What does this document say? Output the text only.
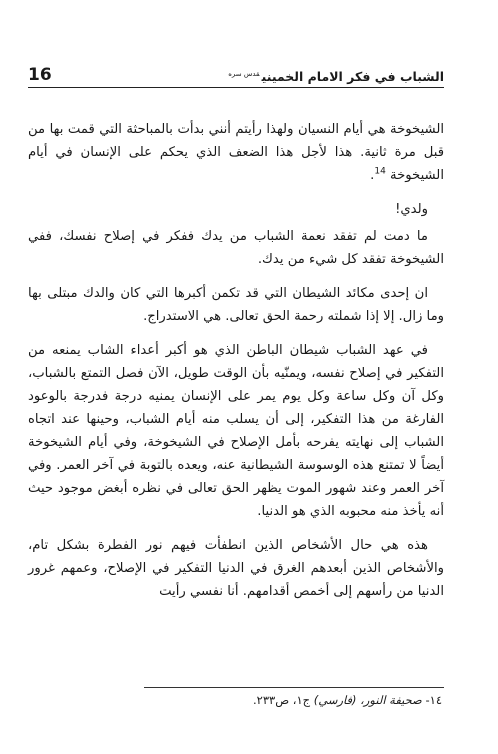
16	الشباب في فكر الامام الخميني$^{قدس سره}$

الشيخوخة هي أيام النسيان ولهذا رأيتم أنني بدأت بالمباحثة التي قمت بها من قبل مرة ثانية. هذا لأجل هذا الضعف الذي يحكم على الإنسان في أيام الشيخوخة $^{14}$.

ولدي!

ما دمت لم تفقد نعمة الشباب من يدك ففكر في إصلاح نفسك، ففي الشيخوخة تفقد كل شيء من يدك.

ان إحدى مكائد الشيطان التي قد تكمن أكبرها التي كان والدك مبتلى بها وما زال. إلا إذا شملته رحمة الحق تعالى. هي الاستدراج.

في عهد الشباب شيطان الباطن الذي هو أكبر أعداء الشاب يمنعه من التفكير في إصلاح نفسه، ويمنّيه بأن الوقت طويل، الآن فصل التمتع بالشباب، وكل آن وكل ساعة وكل يوم يمر على الإنسان يمنيه درجة فدرجة بالوعود الفارغة من هذا التفكير، إلى أن يسلب منه أيام الشباب، وحينها عند اتجاه الشباب إلى نهايته يفرحه بأمل الإصلاح في الشيخوخة، وفي أيام الشيخوخة أيضاً لا تمتنع هذه الوسوسة الشيطانية عنه، ويعده بالتوبة في آخر العمر. وفي آخر العمر وعند شهور الموت يظهر الحق تعالى في نظره أبغض موجود حيث أنه يأخذ منه محبوبه الذي هو الدنيا.

هذه هي حال الأشخاص الذين انطفأت فيهم نور الفطرة بشكل تام، والأشخاص الذين أبعدهم الغرق في الدنيا التفكير في الإصلاح، وعمهم غرور الدنيا من رأسهم إلى أخمص أقدامهم. أنا نفسي رأيت

١٤- صحيفة النور، (فارسي) ج١، ص٢٣٣.
